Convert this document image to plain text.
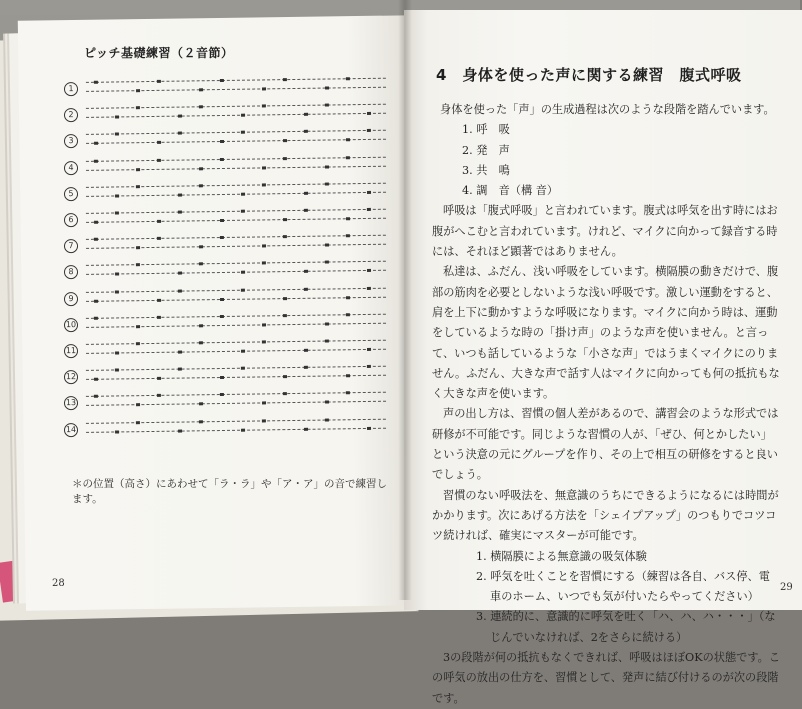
ピッチ基礎練習（２音節）
1
2
3
4
5
6
7
8
9
10
11
12
13
14
＊の位置（高さ）にあわせて「ラ・ラ」や「ア・ア」の音で練習します。
28
4　身体を使った声に関する練習　腹式呼吸

身体を使った「声」の生成過程は次のような段階を踏んでいます。

1. 呼　吸

2. 発　声

3. 共　鳴

4. 調　音（構 音）

呼吸は「腹式呼吸」と言われています。腹式は呼気を出す時にはお腹がへこむと言われています。けれど、マイクに向かって録音する時には、それほど顕著ではありません。

私達は、ふだん、浅い呼吸をしています。横隔膜の動きだけで、腹部の筋肉を必要としないような浅い呼吸です。激しい運動をすると、肩を上下に動かすような呼吸になります。マイクに向かう時は、運動をしているような時の「掛け声」のような声を使いません。と言って、いつも話しているような「小さな声」ではうまくマイクにのりません。ふだん、大きな声で話す人はマイクに向かっても何の抵抗もなく大きな声を使います。

声の出し方は、習慣の個人差があるので、講習会のような形式では研修が不可能です。同じような習慣の人が、「ぜひ、何とかしたい」という決意の元にグループを作り、その上で相互の研修をすると良いでしょう。

習慣のない呼吸法を、無意識のうちにできるようになるには時間がかかります。次にあげる方法を「シェイプアップ」のつもりでコツコツ続ければ、確実にマスターが可能です。

1. 横隔膜による無意識の吸気体験

2. 呼気を吐くことを習慣にする（練習は各自、バス停、電車のホーム、いつでも気が付いたらやってください）

3. 連続的に、意識的に呼気を吐く「ハ、ハ、ハ・・・」（なじんでいなければ、2をさらに続ける）

3の段階が何の抵抗もなくできれば、呼吸はほぼOKの状態です。この呼気の放出の仕方を、習慣として、発声に結び付けるのが次の段階です。

29
